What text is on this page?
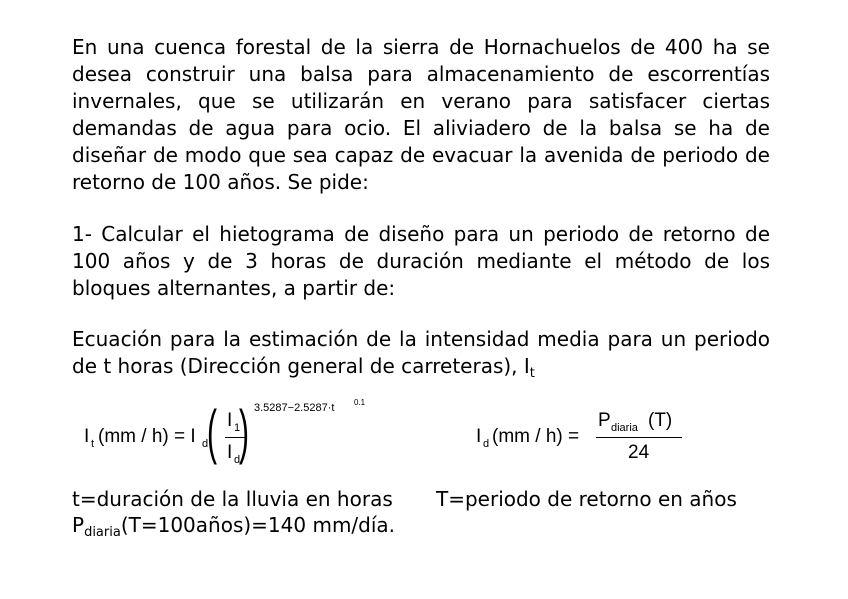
En una cuenca forestal de la sierra de Hornachuelos de 400 ha se desea construir una balsa para almacenamiento de escorrentías invernales, que se utilizarán en verano para satisfacer ciertas demandas de agua para ocio. El aliviadero de la balsa se ha de diseñar de modo que sea capaz de evacuar la avenida de periodo de retorno de 100 años. Se pide:
1- Calcular el hietograma de diseño para un periodo de retorno de 100 años y de 3 horas de duración mediante el método de los bloques alternantes, a partir de:
Ecuación para la estimación de la intensidad media para un periodo de t horas (Dirección general de carreteras), $I_t$
I t (mm / h) = I d
( I 1
I d
) 3.5287−2.5287·t 0.1
I d (mm / h) =
P diaria (T)
24
t=duración de la lluvia en horas T=periodo de retorno en años
$P_{diaria}(T=100años)=140$ mm/día.
